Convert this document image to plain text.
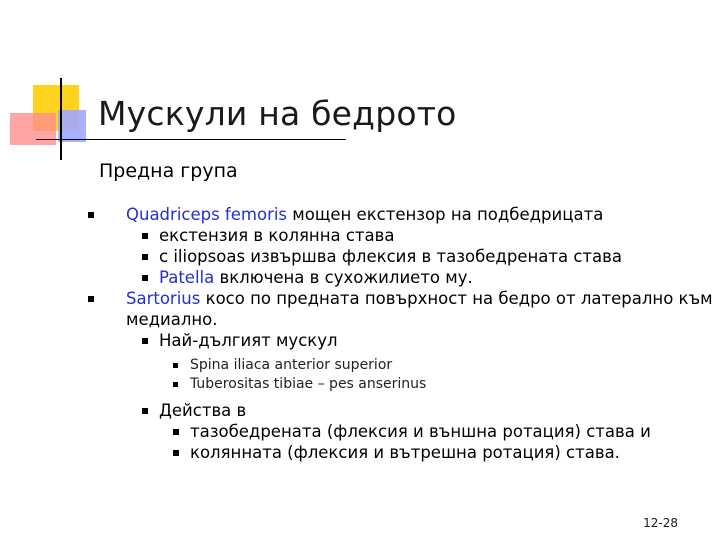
Мускули на бедрото
Предна група
Quadriceps femoris мощен екстензор на подбедрицата
екстензия в колянна става
с iliopsoas извършва флексия в тазобедрената става
Patella включена в сухожилието му.
Sartorius косо по предната повърхност на бедро от латерално към
медиално.
Най-дългият мускул
Spina iliaca anterior superior
Tuberositas tibiae – pes anserinus
Действа в
тазобедрената (флексия и външна ротация) става и
колянната (флексия и вътрешна ротация) става.
12-28
